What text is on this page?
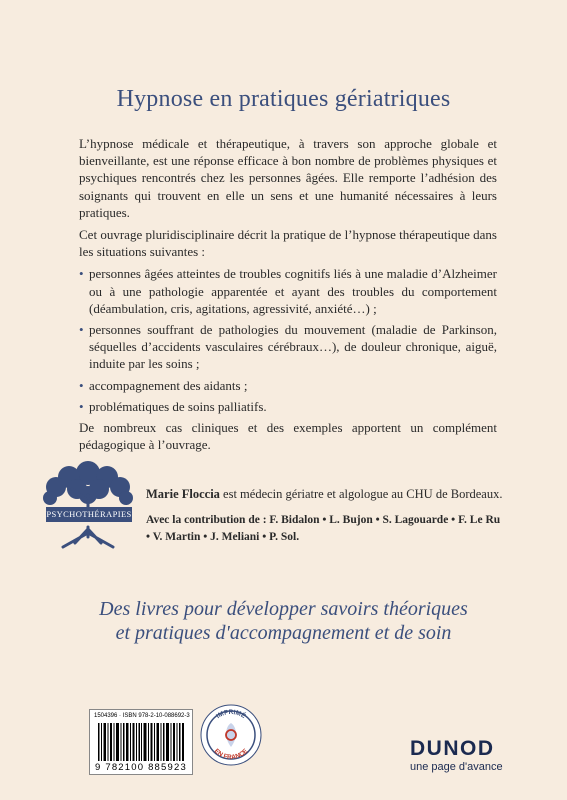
Hypnose en pratiques gériatriques

L’hypnose médicale et thérapeutique, à travers son approche globale et bienveillante, est une réponse efficace à bon nombre de problèmes physiques et psychiques rencontrés chez les personnes âgées. Elle remporte l’adhésion des soignants qui trouvent en elle un sens et une humanité nécessaires à leurs pratiques.

Cet ouvrage pluridisciplinaire décrit la pratique de l’hypnose thérapeutique dans les situations suivantes :

• personnes âgées atteintes de troubles cognitifs liés à une maladie d’Alzheimer ou à une pathologie apparentée et ayant des troubles du comportement (déambulation, cris, agitations, agressivité, anxiété…) ;
• personnes souffrant de pathologies du mouvement (maladie de Parkinson, séquelles d’accidents vasculaires cérébraux…), de douleur chronique, aiguë, induite par les soins ;
• accompagnement des aidants ;
• problématiques de soins palliatifs.

De nombreux cas cliniques et des exemples apportent un complément pédagogique à l’ouvrage.

PSYCHOTHÉRAPIES
Marie Floccia est médecin gériatre et algologue au CHU de Bordeaux.
Avec la contribution de : F. Bidalon • L. Bujon • S. Lagouarde • F. Le Ru
• V. Martin • J. Meliani • P. Sol.
Des livres pour développer savoirs théoriques
et pratiques d'accompagnement et de soin
1504396 · ISBN 978-2-10-088692-3
9 782100 885923
IMPRIMÉ
EN FRANCE	DUNOD
une page d'avance
